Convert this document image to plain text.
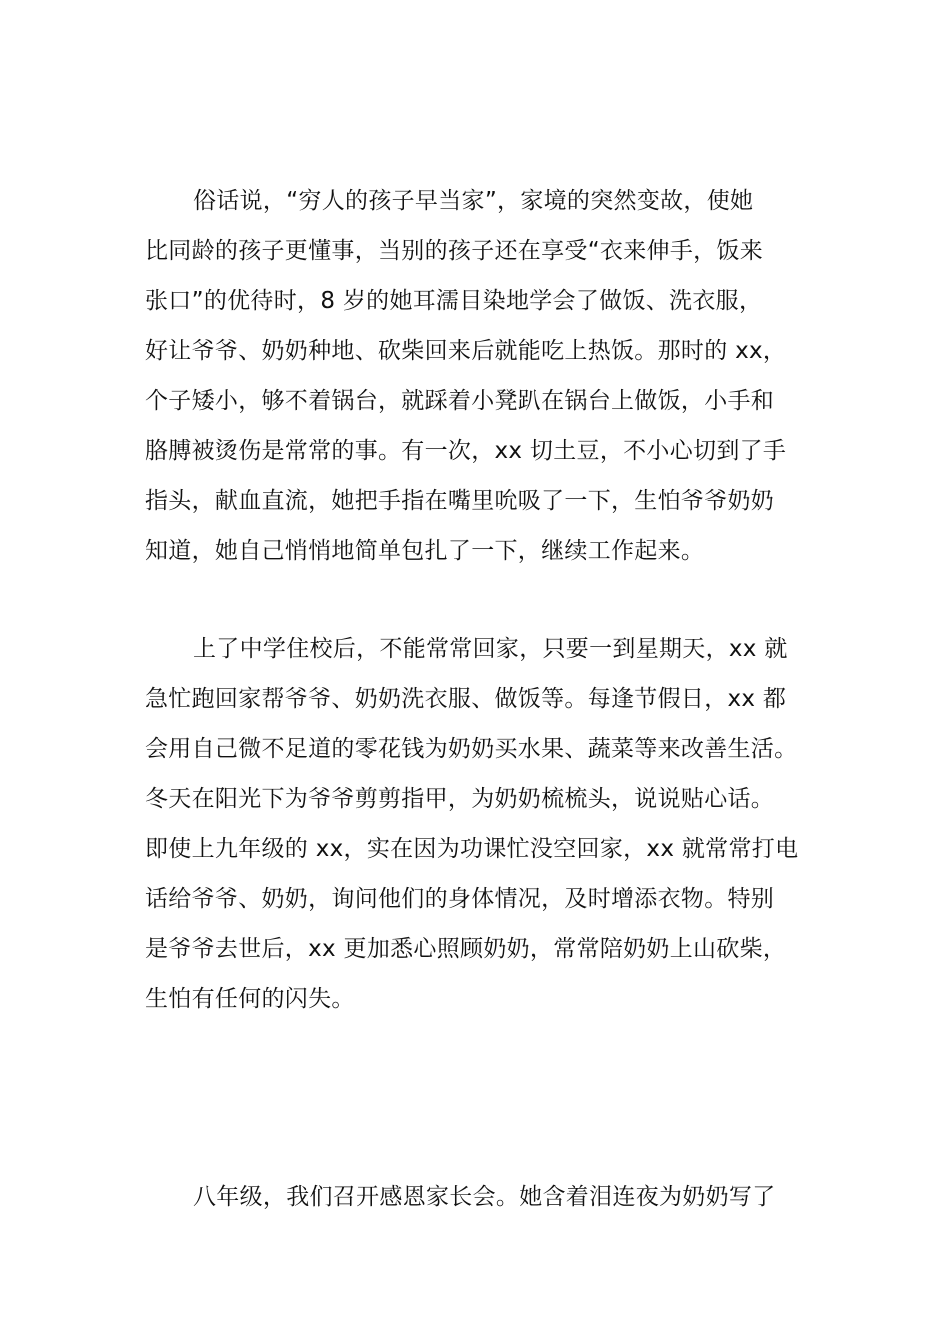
俗话说，“穷人的孩子早当家”，家境的突然变故，使她
比同龄的孩子更懂事，当别的孩子还在享受“衣来伸手，饭来
张口”的优待时，8 岁的她耳濡目染地学会了做饭、洗衣服，
好让爷爷、奶奶种地、砍柴回来后就能吃上热饭。那时的 xx，
个子矮小，够不着锅台，就踩着小凳趴在锅台上做饭，小手和
胳膊被烫伤是常常的事。有一次，xx 切土豆，不小心切到了手
指头，献血直流，她把手指在嘴里吮吸了一下，生怕爷爷奶奶
知道，她自己悄悄地简单包扎了一下，继续工作起来。
上了中学住校后，不能常常回家，只要一到星期天，xx 就
急忙跑回家帮爷爷、奶奶洗衣服、做饭等。每逢节假日，xx 都
会用自己微不足道的零花钱为奶奶买水果、蔬菜等来改善生活。
冬天在阳光下为爷爷剪剪指甲，为奶奶梳梳头，说说贴心话。
即使上九年级的 xx，实在因为功课忙没空回家，xx 就常常打电
话给爷爷、奶奶，询问他们的身体情况，及时增添衣物。特别
是爷爷去世后，xx 更加悉心照顾奶奶，常常陪奶奶上山砍柴，
生怕有任何的闪失。
八年级，我们召开感恩家长会。她含着泪连夜为奶奶写了
